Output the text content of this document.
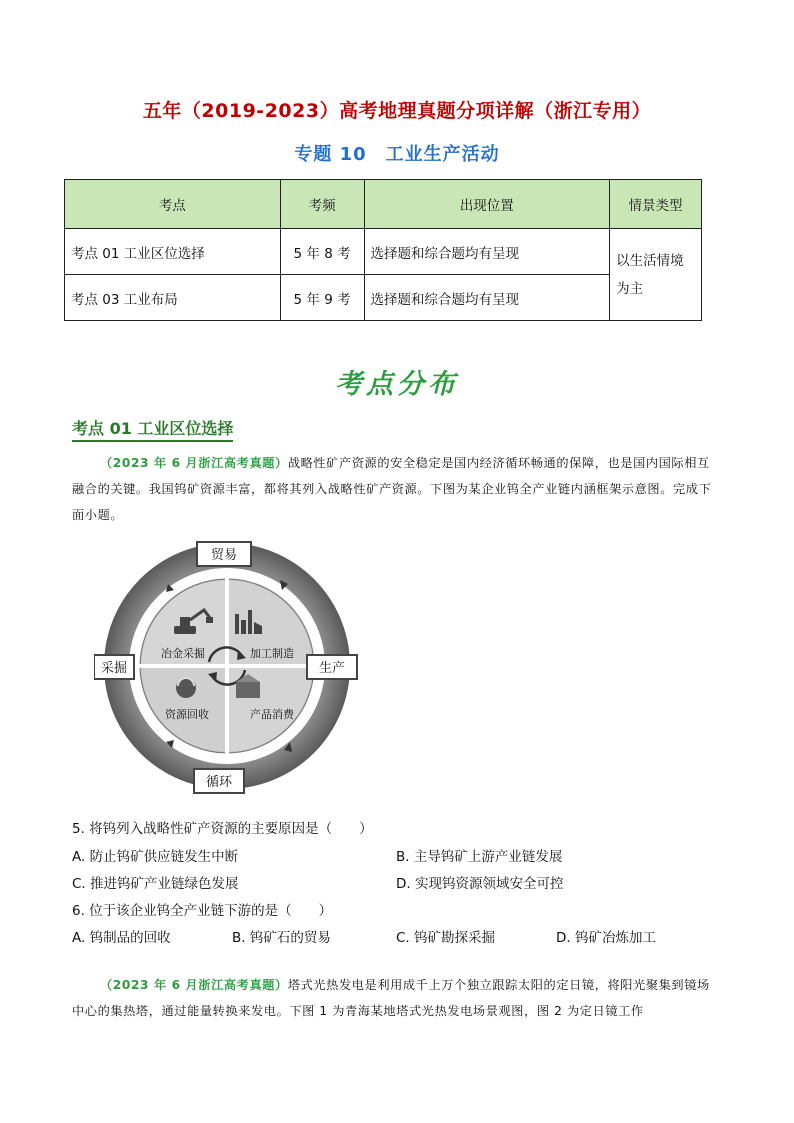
五年（2019-2023）高考地理真题分项详解（浙江专用）
专题 10　工业生产活动
考点	考频	出现位置	情景类型
考点 01 工业区位选择	5 年 8 考	选择题和综合题均有呈现	以生活情境
为主
考点 03 工业布局	5 年 9 考	选择题和综合题均有呈现	
考点分布
考点 01 工业区位选择
（2023 年 6 月浙江高考真题）战略性矿产资源的安全稳定是国内经济循环畅通的保障，也是国内国际相互融合的关键。我国钨矿资源丰富，都将其列入战略性矿产资源。下图为某企业钨全产业链内涵框架示意图。完成下面小题。
冶金采掘	加工制造
资源回收	产品消费
贸易
采掘	生产
循环
5. 将钨列入战略性矿产资源的主要原因是（　　）
A. 防止钨矿供应链发生中断	B. 主导钨矿上游产业链发展
C. 推进钨矿产业链绿色发展	D. 实现钨资源领域安全可控
6. 位于该企业钨全产业链下游的是（　　）
A. 钨制品的回收	B. 钨矿石的贸易	C. 钨矿勘探采掘	D. 钨矿冶炼加工
（2023 年 6 月浙江高考真题）塔式光热发电是利用成千上万个独立跟踪太阳的定日镜，将阳光聚集到镜场中心的集热塔，通过能量转换来发电。下图 1 为青海某地塔式光热发电场景观图，图 2 为定日镜工作
